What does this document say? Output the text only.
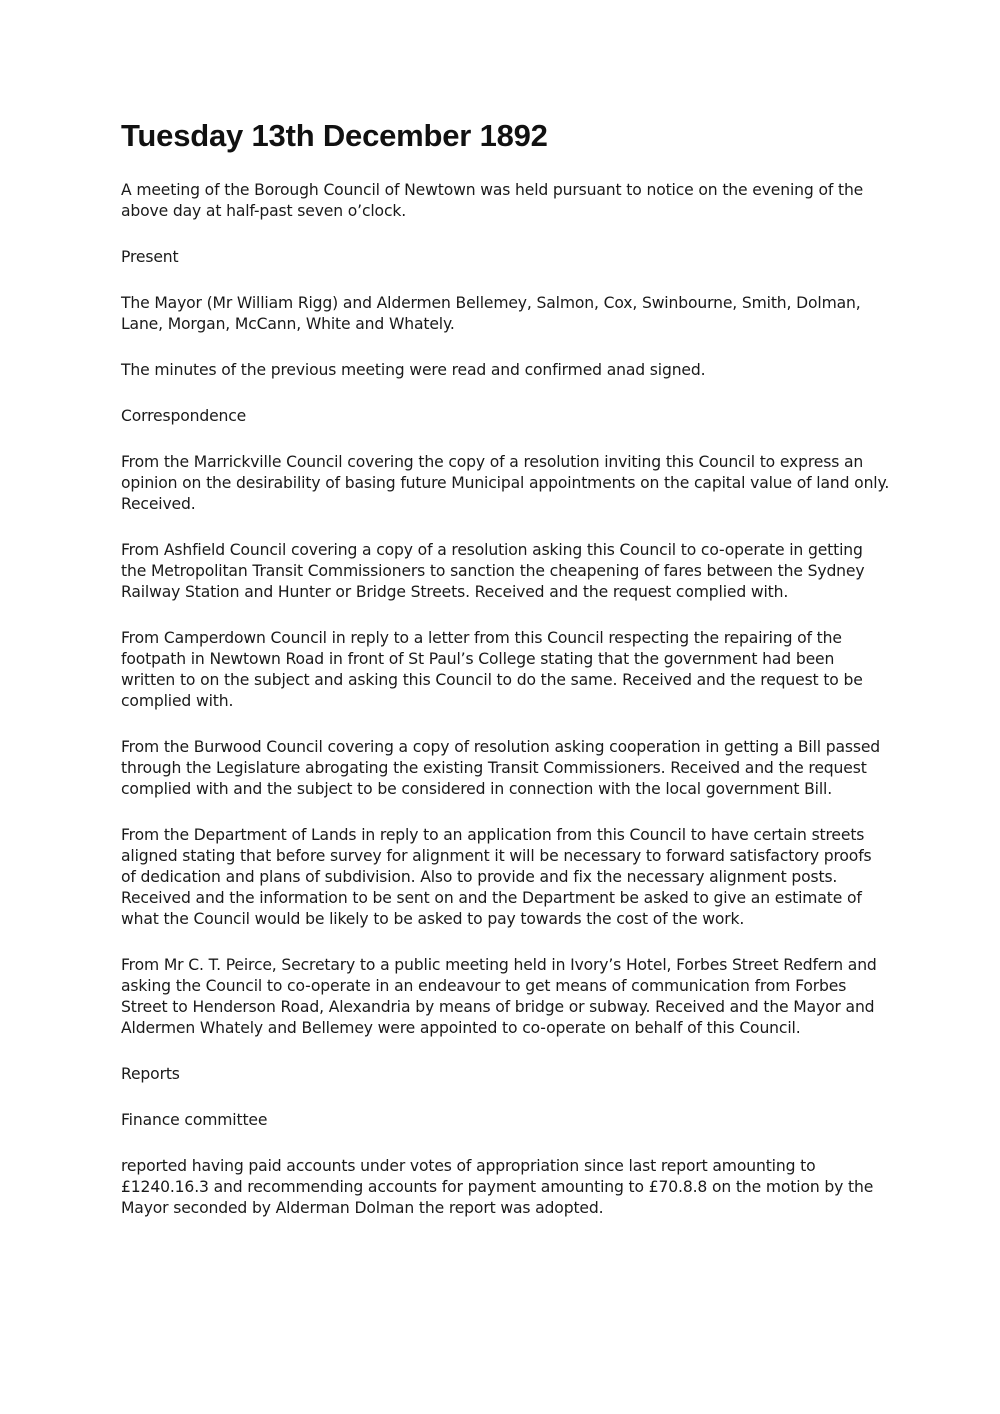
Tuesday 13th December 1892

A meeting of the Borough Council of Newtown was held pursuant to notice on the evening of the above day at half-past seven o’clock.

Present

The Mayor (Mr William Rigg) and Aldermen Bellemey, Salmon, Cox, Swinbourne, Smith, Dolman, Lane, Morgan, McCann, White and Whately.

The minutes of the previous meeting were read and confirmed anad signed.

Correspondence

From the Marrickville Council covering the copy of a resolution inviting this Council to express an opinion on the desirability of basing future Municipal appointments on the capital value of land only. Received.

From Ashfield Council covering a copy of a resolution asking this Council to co-operate in getting the Metropolitan Transit Commissioners to sanction the cheapening of fares between the Sydney Railway Station and Hunter or Bridge Streets. Received and the request complied with.

From Camperdown Council in reply to a letter from this Council respecting the repairing of the footpath in Newtown Road in front of St Paul’s College stating that the government had been written to on the subject and asking this Council to do the same. Received and the request to be complied with.

From the Burwood Council covering a copy of resolution asking cooperation in getting a Bill passed through the Legislature abrogating the existing Transit Commissioners. Received and the request complied with and the subject to be considered in connection with the local government Bill.

From the Department of Lands in reply to an application from this Council to have certain streets aligned stating that before survey for alignment it will be necessary to forward satisfactory proofs of dedication and plans of subdivision. Also to provide and fix the necessary alignment posts. Received and the information to be sent on and the Department be asked to give an estimate of what the Council would be likely to be asked to pay towards the cost of the work.

From Mr C. T. Peirce, Secretary to a public meeting held in Ivory’s Hotel, Forbes Street Redfern and asking the Council to co-operate in an endeavour to get means of communication from Forbes Street to Henderson Road, Alexandria by means of bridge or subway. Received and the Mayor and Aldermen Whately and Bellemey were appointed to co-operate on behalf of this Council.

Reports

Finance committee

reported having paid accounts under votes of appropriation since last report amounting to £1240.16.3 and recommending accounts for payment amounting to £70.8.8 on the motion by the Mayor seconded by Alderman Dolman the report was adopted.
